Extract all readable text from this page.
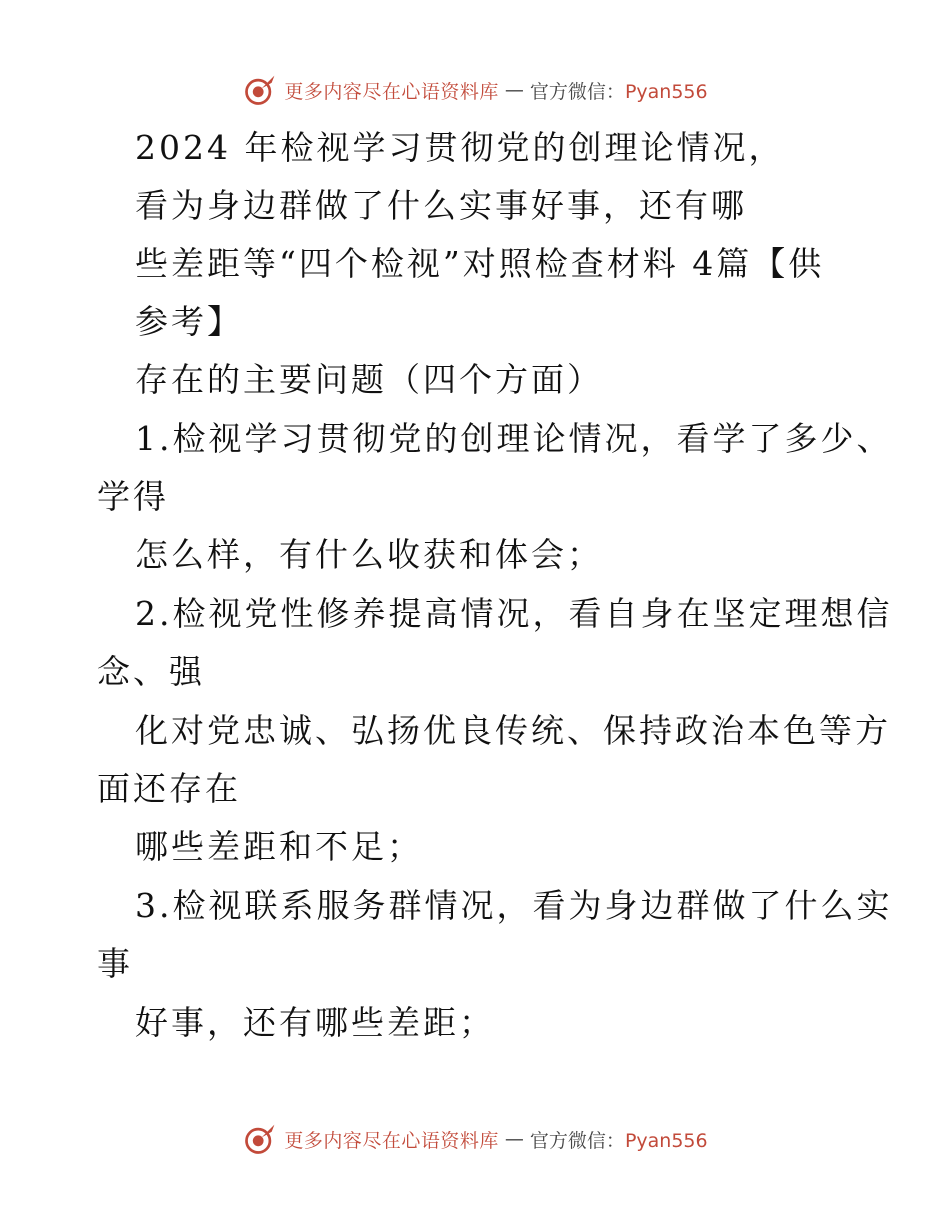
更多内容尽在心语资料库 — 官方微信：Pyan556
2024 年检视学习贯彻党的创理论情况，
看为身边群做了什么实事好事，还有哪
些差距等“四个检视”对照检查材料 4篇【供
参考】
存在的主要问题（四个方面）
1.检视学习贯彻党的创理论情况，看学了多少、
学得
怎么样，有什么收获和体会；
2.检视党性修养提高情况，看自身在坚定理想信
念、强
化对党忠诚、弘扬优良传统、保持政治本色等方
面还存在
哪些差距和不足；
3.检视联系服务群情况，看为身边群做了什么实
事
好事，还有哪些差距；
更多内容尽在心语资料库 — 官方微信：Pyan556
